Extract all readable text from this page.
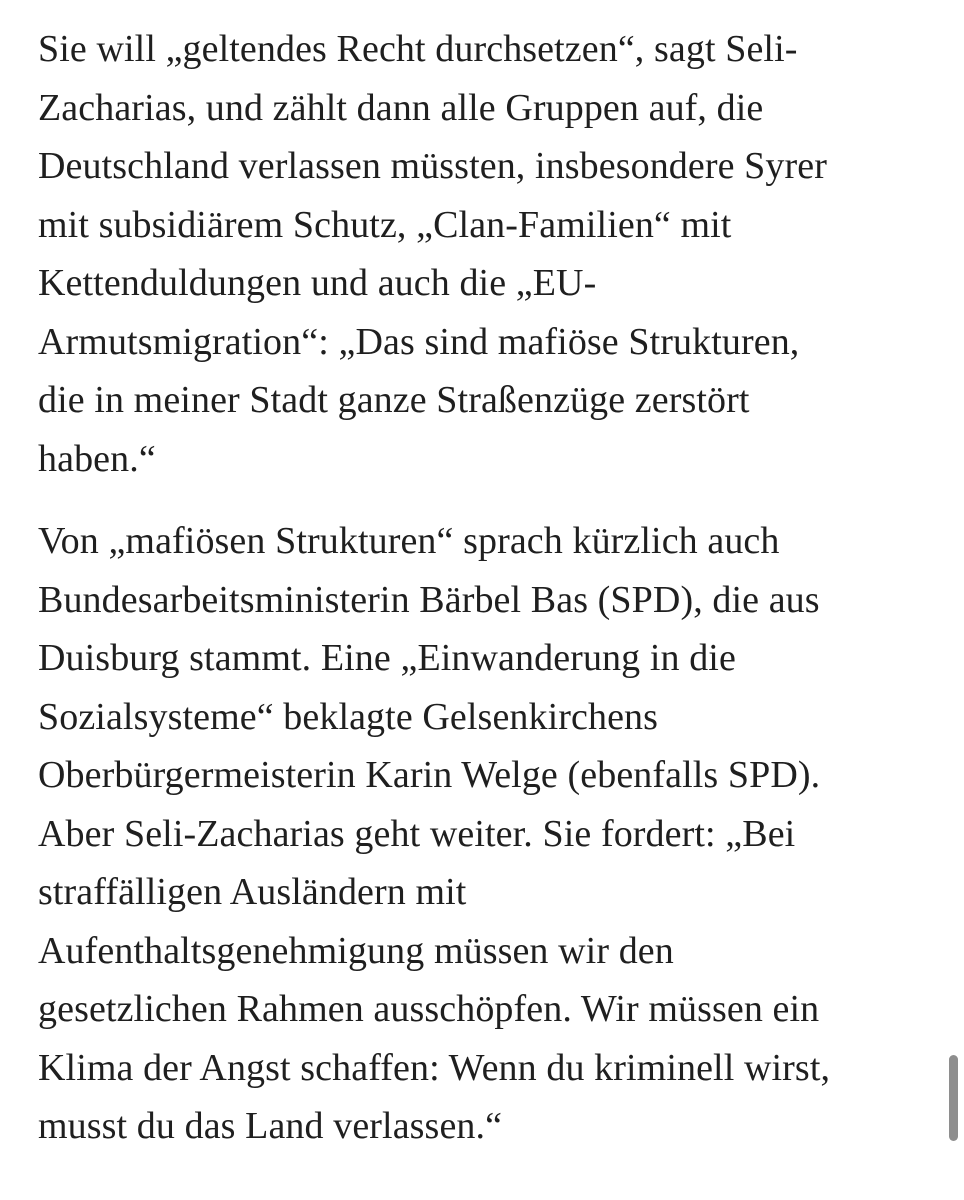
Sie will „geltendes Recht durchsetzen“, sagt Seli-
Zacharias, und zählt dann alle Gruppen auf, die
Deutschland verlassen müssten, insbesondere Syrer
mit subsidiärem Schutz, „Clan-Familien“ mit
Kettenduldungen und auch die „EU-
Armutsmigration“: „Das sind mafiöse Strukturen,
die in meiner Stadt ganze Straßenzüge zerstört
haben.“

Von „mafiösen Strukturen“ sprach kürzlich auch
Bundesarbeitsministerin Bärbel Bas (SPD), die aus
Duisburg stammt. Eine „Einwanderung in die
Sozialsysteme“ beklagte Gelsenkirchens
Oberbürgermeisterin Karin Welge (ebenfalls SPD).
Aber Seli-Zacharias geht weiter. Sie fordert: „Bei
straffälligen Ausländern mit
Aufenthaltsgenehmigung müssen wir den
gesetzlichen Rahmen ausschöpfen. Wir müssen ein
Klima der Angst schaffen: Wenn du kriminell wirst,
musst du das Land verlassen.“
